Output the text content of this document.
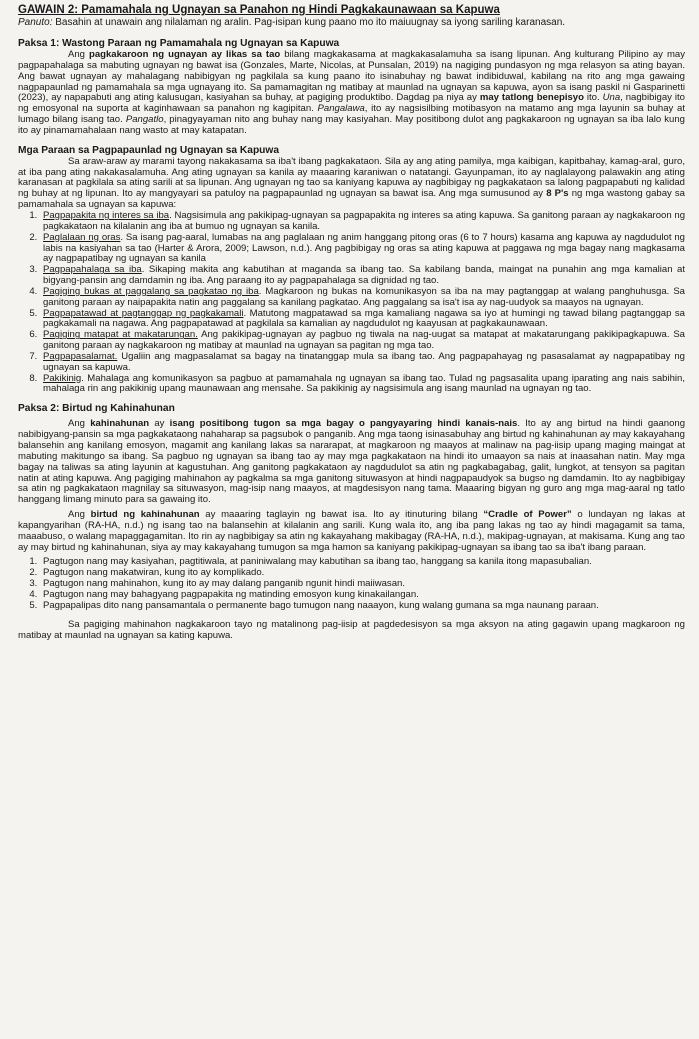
GAWAIN 2: Pamamahala ng Ugnayan sa Panahon ng Hindi Pagkakaunawaan sa Kapuwa

Panuto: Basahin at unawain ang nilalaman ng aralin. Pag-isipan kung paano mo ito maiuugnay sa iyong sariling karanasan.

Paksa 1: Wastong Paraan ng Pamamahala ng Ugnayan sa Kapuwa

Ang pagkakaroon ng ugnayan ay likas sa tao bilang magkakasama at magkakasalamuha sa isang lipunan. Ang kulturang Pilipino ay may pagpapahalaga sa mabuting ugnayan ng bawat isa (Gonzales, Marte, Nicolas, at Punsalan, 2019) na nagiging pundasyon ng mga relasyon sa ating bayan. Ang bawat ugnayan ay mahalagang nabibigyan ng pagkilala sa kung paano ito isinabuhay ng bawat indibiduwal, kabilang na rito ang mga gawaing nagpapaunlad ng pamamahala sa mga ugnayang ito. Sa pamamagitan ng matibay at maunlad na ugnayan sa kapuwa, ayon sa isang paskil ni Gasparinetti (2023), ay napapabuti ang ating kalusugan, kasiyahan sa buhay, at pagiging produktibo. Dagdag pa niya ay may tatlong benepisyo ito. Una, nagbibigay ito ng emosyonal na suporta at kaginhawaan sa panahon ng kagipitan. Pangalawa, ito ay nagsisilbing motibasyon na matamo ang mga layunin sa buhay at lumago bilang isang tao. Pangatlo, pinagyayaman nito ang buhay nang may kasiyahan. May positibong dulot ang pagkakaroon ng ugnayan sa iba lalo kung ito ay pinamamahalaan nang wasto at may katapatan.

Mga Paraan sa Pagpapaunlad ng Ugnayan sa Kapuwa

Sa araw-araw ay marami tayong nakakasama sa iba't ibang pagkakataon. Sila ay ang ating pamilya, mga kaibigan, kapitbahay, kamag-aral, guro, at iba pang ating nakakasalamuha. Ang ating ugnayan sa kanila ay maaaring karaniwan o natatangi. Gayunpaman, ito ay naglalayong palawakin ang ating karanasan at pagkilala sa ating sarili at sa lipunan. Ang ugnayan ng tao sa kaniyang kapuwa ay nagbibigay ng pagkakataon sa lalong pagpapabuti ng kalidad ng buhay at ng lipunan. Ito ay mangyayari sa patuloy na pagpapaunlad ng ugnayan sa bawat isa. Ang mga sumusunod ay 8 P's ng mga wastong gabay sa pamamahala sa ugnayan sa kapuwa:

1. Pagpapakita ng interes sa iba. Nagsisimula ang pakikipag-ugnayan sa pagpapakita ng interes sa ating kapuwa. Sa ganitong paraan ay nagkakaroon ng pagkakataon na kilalanin ang iba at bumuo ng ugnayan sa kanila.
2. Paglalaan ng oras. Sa isang pag-aaral, lumabas na ang paglalaan ng anim hanggang pitong oras (6 to 7 hours) kasama ang kapuwa ay nagdudulot ng labis na kasiyahan sa tao (Harter & Arora, 2009; Lawson, n.d.). Ang pagbibigay ng oras sa ating kapuwa at paggawa ng mga bagay nang magkasama ay nagpapatibay ng ugnayan sa kanila
3. Pagpapahalaga sa iba. Sikaping makita ang kabutihan at maganda sa ibang tao. Sa kabilang banda, maingat na punahin ang mga kamalian at bigyang-pansin ang damdamin ng iba. Ang paraang ito ay pagpapahalaga sa dignidad ng tao.
4. Pagiging bukas at paggalang sa pagkatao ng iba. Magkaroon ng bukas na komunikasyon sa iba na may pagtanggap at walang panghuhusga. Sa ganitong paraan ay naipapakita natin ang paggalang sa kanilang pagkatao. Ang paggalang sa isa't isa ay nag-uudyok sa maayos na ugnayan.
5. Pagpapatawad at pagtanggap ng pagkakamali. Matutong magpatawad sa mga kamaliang nagawa sa iyo at humingi ng tawad bilang pagtanggap sa pagkakamali na nagawa. Ang pagpapatawad at pagkilala sa kamalian ay nagdudulot ng kaayusan at pagkakaunawaan.
6. Pagiging matapat at makatarungan. Ang pakikipag-ugnayan ay pagbuo ng tiwala na nag-uugat sa matapat at makatarungang pakikipagkapuwa. Sa ganitong paraan ay nagkakaroon ng matibay at maunlad na ugnayan sa pagitan ng mga tao.
7. Pagpapasalamat. Ugaliin ang magpasalamat sa bagay na tinatanggap mula sa ibang tao. Ang pagpapahayag ng pasasalamat ay nagpapatibay ng ugnayan sa kapuwa.
8. Pakikinig. Mahalaga ang komunikasyon sa pagbuo at pamamahala ng ugnayan sa ibang tao. Tulad ng pagsasalita upang iparating ang nais sabihin, mahalaga rin ang pakikinig upang maunawaan ang mensahe. Sa pakikinig ay nagsisimula ang isang maunlad na ugnayan ng tao.

Paksa 2: Birtud ng Kahinahunan

Ang kahinahunan ay isang positibong tugon sa mga bagay o pangyayaring hindi kanais-nais. Ito ay ang birtud na hindi gaanong nabibigyang-pansin sa mga pagkakataong nahaharap sa pagsubok o panganib. Ang mga taong isinasabuhay ang birtud ng kahinahunan ay may kakayahang balansehin ang kanilang emosyon, magamit ang kanilang lakas sa nararapat, at magkaroon ng maayos at malinaw na pag-iisip upang maging maingat at mabuting makitungo sa ibang. Sa pagbuo ng ugnayan sa ibang tao ay may mga pagkakataon na hindi ito umaayon sa nais at inaasahan natin. May mga bagay na taliwas sa ating layunin at kagustuhan. Ang ganitong pagkakataon ay nagdudulot sa atin ng pagkabagabag, galit, lungkot, at tensyon sa pagitan natin at ating kapuwa. Ang pagiging mahinahon ay pagkalma sa mga ganitong situwasyon at hindi nagpapaudyok sa bugso ng damdamin. Ito ay nagbibigay sa atin ng pagkakataon magnilay sa situwasyon, mag-isip nang maayos, at magdesisyon nang tama. Maaaring bigyan ng guro ang mga mag-aaral ng tatlo hanggang limang minuto para sa gawaing ito.

Ang birtud ng kahinahunan ay maaaring taglayin ng bawat isa. Ito ay itinuturing bilang “Cradle of Power” o lundayan ng lakas at kapangyarihan (RA-HA, n.d.) ng isang tao na balansehin at kilalanin ang sarili. Kung wala ito, ang iba pang lakas ng tao ay hindi magagamit sa tama, maaabuso, o walang mapaggagamitan. Ito rin ay nagbibigay sa atin ng kakayahang makibagay (RA-HA, n.d.), makipag-ugnayan, at makisama. Kung ang tao ay may birtud ng kahinahunan, siya ay may kakayahang tumugon sa mga hamon sa kaniyang pakikipag-ugnayan sa ibang tao sa iba't ibang paraan.

1. Pagtugon nang may kasiyahan, pagtitiwala, at paniniwalang may kabutihan sa ibang tao, hanggang sa kanila itong mapasubalian.
2. Pagtugon nang makatwiran, kung ito ay komplikado.
3. Pagtugon nang mahinahon, kung ito ay may dalang panganib ngunit hindi maiiwasan.
4. Pagtugon nang may bahagyang pagpapakita ng matinding emosyon kung kinakailangan.
5. Pagpapalipas dito nang pansamantala o permanente bago tumugon nang naaayon, kung walang gumana sa mga naunang paraan.

Sa pagiging mahinahon nagkakaroon tayo ng matalinong pag-iisip at pagdedesisyon sa mga aksyon na ating gagawin upang magkaroon ng matibay at maunlad na ugnayan sa kating kapuwa.
